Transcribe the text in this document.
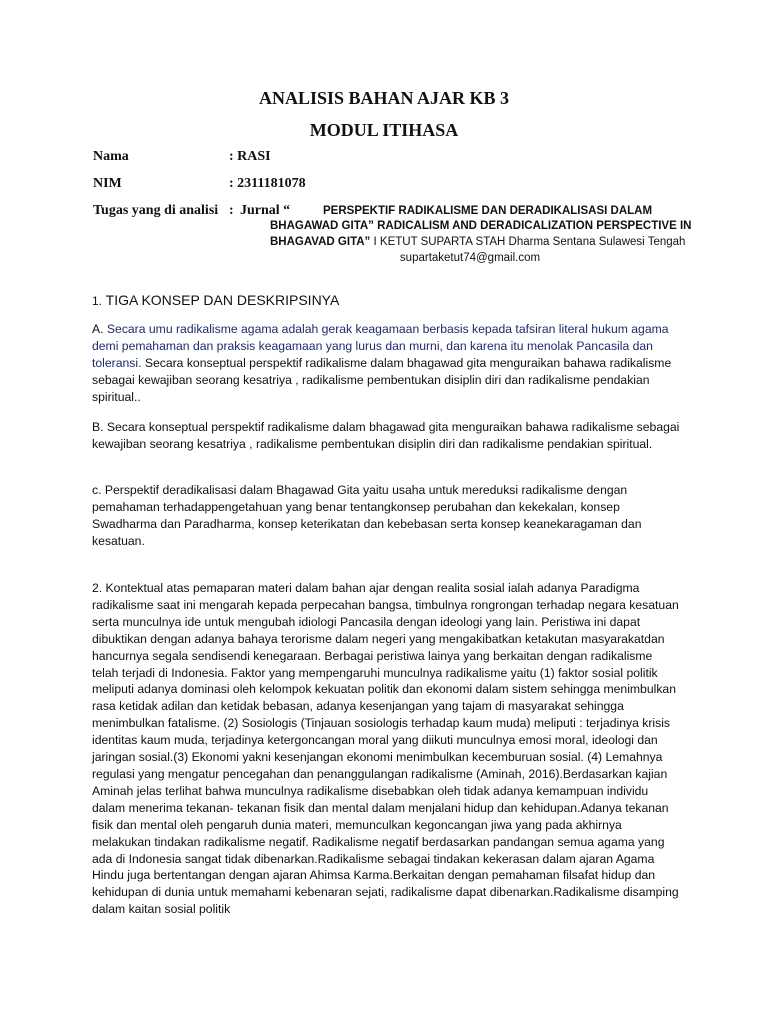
ANALISIS BAHAN AJAR KB 3
MODUL ITIHASA
Nama	: RASI
NIM	: 2311181078
Tugas yang di analisi : Jurnal “	PERSPEKTIF RADIKALISME DAN DERADIKALISASI DALAM
BHAGAWAD GITA” RADICALISM AND DERADICALIZATION PERSPECTIVE IN
BHAGAVAD GITA” I KETUT SUPARTA STAH Dharma Sentana Sulawesi Tengah
supartaketut74@gmail.com
1. TIGA KONSEP DAN DESKRIPSINYA

A. Secara umu radikalisme agama adalah gerak keagamaan berbasis kepada tafsiran literal hukum agama demi pemahaman dan praksis keagamaan yang lurus dan murni, dan karena itu menolak Pancasila dan toleransi. Secara konseptual perspektif radikalisme dalam bhagawad gita menguraikan bahawa radikalisme sebagai kewajiban seorang kesatriya , radikalisme pembentukan disiplin diri dan radikalisme pendakian spiritual..

B. Secara konseptual perspektif radikalisme dalam bhagawad gita menguraikan bahawa radikalisme sebagai kewajiban seorang kesatriya , radikalisme pembentukan disiplin diri dan radikalisme pendakian spiritual.

c. Perspektif deradikalisasi dalam Bhagawad Gita yaitu usaha untuk mereduksi radikalisme dengan pemahaman terhadappengetahuan yang benar tentangkonsep perubahan dan kekekalan, konsep Swadharma dan Paradharma, konsep keterikatan dan kebebasan serta konsep keanekaragaman dan kesatuan.

2. Kontektual atas pemaparan materi dalam bahan ajar dengan realita sosial ialah adanya Paradigma radikalisme saat ini mengarah kepada perpecahan bangsa, timbulnya rongrongan terhadap negara kesatuan serta munculnya ide untuk mengubah idiologi Pancasila dengan ideologi yang lain. Peristiwa ini dapat dibuktikan dengan adanya bahaya terorisme dalam negeri yang mengakibatkan ketakutan masyarakatdan hancurnya segala sendisendi kenegaraan. Berbagai peristiwa lainya yang berkaitan dengan radikalisme telah terjadi di Indonesia. Faktor yang mempengaruhi munculnya radikalisme yaitu (1) faktor sosial politik meliputi adanya dominasi oleh kelompok kekuatan politik dan ekonomi dalam sistem sehingga menimbulkan rasa ketidak adilan dan ketidak bebasan, adanya kesenjangan yang tajam di masyarakat sehingga menimbulkan fatalisme. (2) Sosiologis (Tinjauan sosiologis terhadap kaum muda) meliputi : terjadinya krisis identitas kaum muda, terjadinya ketergoncangan moral yang diikuti munculnya emosi moral, ideologi dan jaringan sosial.(3) Ekonomi yakni kesenjangan ekonomi menimbulkan kecemburuan sosial. (4) Lemahnya regulasi yang mengatur pencegahan dan penanggulangan radikalisme (Aminah, 2016).Berdasarkan kajian Aminah jelas terlihat bahwa munculnya radikalisme disebabkan oleh tidak adanya kemampuan individu dalam menerima tekanan- tekanan fisik dan mental dalam menjalani hidup dan kehidupan.Adanya tekanan fisik dan mental oleh pengaruh dunia materi, memunculkan kegoncangan jiwa yang pada akhirnya melakukan tindakan radikalisme negatif. Radikalisme negatif berdasarkan pandangan semua agama yang ada di Indonesia sangat tidak dibenarkan.Radikalisme sebagai tindakan kekerasan dalam ajaran Agama Hindu juga bertentangan dengan ajaran Ahimsa Karma.Berkaitan dengan pemahaman filsafat hidup dan kehidupan di dunia untuk memahami kebenaran sejati, radikalisme dapat dibenarkan.Radikalisme disamping dalam kaitan sosial politik
